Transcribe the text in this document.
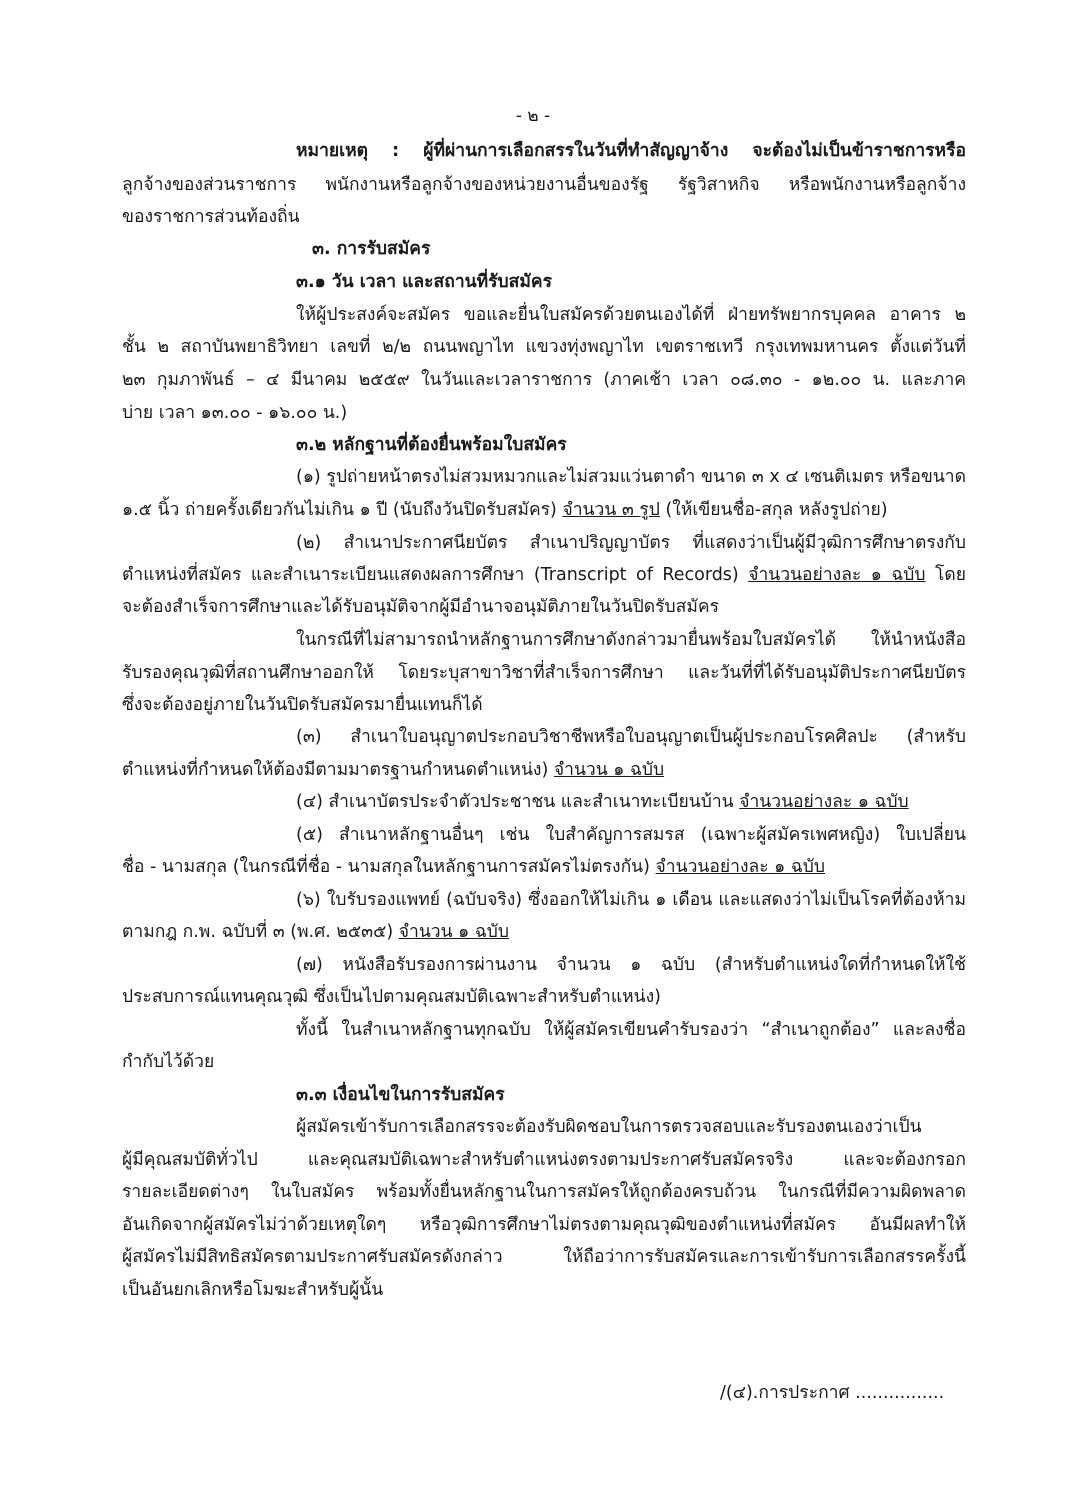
- ๒ -
หมายเหตุ : ผู้ที่ผ่านการเลือกสรรในวันที่ทำสัญญาจ้าง จะต้องไม่เป็นข้าราชการหรือ
ลูกจ้างของส่วนราชการ พนักงานหรือลูกจ้างของหน่วยงานอื่นของรัฐ รัฐวิสาหกิจ หรือพนักงานหรือลูกจ้าง
ของราชการส่วนท้องถิ่น
๓. การรับสมัคร
๓.๑ วัน เวลา และสถานที่รับสมัคร
ให้ผู้ประสงค์จะสมัคร ขอและยื่นใบสมัครด้วยตนเองได้ที่ ฝ่ายทรัพยากรบุคคล อาคาร ๒
ชั้น ๒ สถาบันพยาธิวิทยา เลขที่ ๒/๒ ถนนพญาไท แขวงทุ่งพญาไท เขตราชเทวี กรุงเทพมหานคร ตั้งแต่วันที่
๒๓ กุมภาพันธ์ – ๔ มีนาคม ๒๕๕๙ ในวันและเวลาราชการ (ภาคเช้า เวลา ๐๘.๓๐ - ๑๒.๐๐ น. และภาค
บ่าย เวลา ๑๓.๐๐ - ๑๖.๐๐ น.)
๓.๒ หลักฐานที่ต้องยื่นพร้อมใบสมัคร
(๑) รูปถ่ายหน้าตรงไม่สวมหมวกและไม่สวมแว่นตาดำ ขนาด ๓ x ๔ เซนติเมตร หรือขนาด
๑.๕ นิ้ว ถ่ายครั้งเดียวกันไม่เกิน ๑ ปี (นับถึงวันปิดรับสมัคร) จำนวน ๓ รูป (ให้เขียนชื่อ-สกุล หลังรูปถ่าย)
(๒) สำเนาประกาศนียบัตร สำเนาปริญญาบัตร ที่แสดงว่าเป็นผู้มีวุฒิการศึกษาตรงกับ
ตำแหน่งที่สมัคร และสำเนาระเบียนแสดงผลการศึกษา (Transcript of Records) จำนวนอย่างละ ๑ ฉบับ โดย
จะต้องสำเร็จการศึกษาและได้รับอนุมัติจากผู้มีอำนาจอนุมัติภายในวันปิดรับสมัคร
ในกรณีที่ไม่สามารถนำหลักฐานการศึกษาดังกล่าวมายื่นพร้อมใบสมัครได้ ให้นำหนังสือ
รับรองคุณวุฒิที่สถานศึกษาออกให้ โดยระบุสาขาวิชาที่สำเร็จการศึกษา และวันที่ที่ได้รับอนุมัติประกาศนียบัตร
ซึ่งจะต้องอยู่ภายในวันปิดรับสมัครมายื่นแทนก็ได้
(๓) สำเนาใบอนุญาตประกอบวิชาชีพหรือใบอนุญาตเป็นผู้ประกอบโรคศิลปะ (สำหรับ
ตำแหน่งที่กำหนดให้ต้องมีตามมาตรฐานกำหนดตำแหน่ง) จำนวน ๑ ฉบับ
(๔) สำเนาบัตรประจำตัวประชาชน และสำเนาทะเบียนบ้าน จำนวนอย่างละ ๑ ฉบับ
(๕) สำเนาหลักฐานอื่นๆ เช่น ใบสำคัญการสมรส (เฉพาะผู้สมัครเพศหญิง) ใบเปลี่ยน
ชื่อ - นามสกุล (ในกรณีที่ชื่อ - นามสกุลในหลักฐานการสมัครไม่ตรงกัน) จำนวนอย่างละ ๑ ฉบับ
(๖) ใบรับรองแพทย์ (ฉบับจริง) ซึ่งออกให้ไม่เกิน ๑ เดือน และแสดงว่าไม่เป็นโรคที่ต้องห้าม
ตามกฎ ก.พ. ฉบับที่ ๓ (พ.ศ. ๒๕๓๕) จำนวน ๑ ฉบับ
(๗) หนังสือรับรองการผ่านงาน จำนวน ๑ ฉบับ (สำหรับตำแหน่งใดที่กำหนดให้ใช้
ประสบการณ์แทนคุณวุฒิ ซึ่งเป็นไปตามคุณสมบัติเฉพาะสำหรับตำแหน่ง)
ทั้งนี้ ในสำเนาหลักฐานทุกฉบับ ให้ผู้สมัครเขียนคำรับรองว่า “สำเนาถูกต้อง” และลงชื่อ
กำกับไว้ด้วย
๓.๓ เงื่อนไขในการรับสมัคร
ผู้สมัครเข้ารับการเลือกสรรจะต้องรับผิดชอบในการตรวจสอบและรับรองตนเองว่าเป็น
ผู้มีคุณสมบัติทั่วไป และคุณสมบัติเฉพาะสำหรับตำแหน่งตรงตามประกาศรับสมัครจริง และจะต้องกรอก
รายละเอียดต่างๆ ในใบสมัคร พร้อมทั้งยื่นหลักฐานในการสมัครให้ถูกต้องครบถ้วน ในกรณีที่มีความผิดพลาด
อันเกิดจากผู้สมัครไม่ว่าด้วยเหตุใดๆ หรือวุฒิการศึกษาไม่ตรงตามคุณวุฒิของตำแหน่งที่สมัคร อันมีผลทำให้
ผู้สมัครไม่มีสิทธิสมัครตามประกาศรับสมัครดังกล่าว ให้ถือว่าการรับสมัครและการเข้ารับการเลือกสรรครั้งนี้
เป็นอันยกเลิกหรือโมฆะสำหรับผู้นั้น
/(๔).การประกาศ ................
